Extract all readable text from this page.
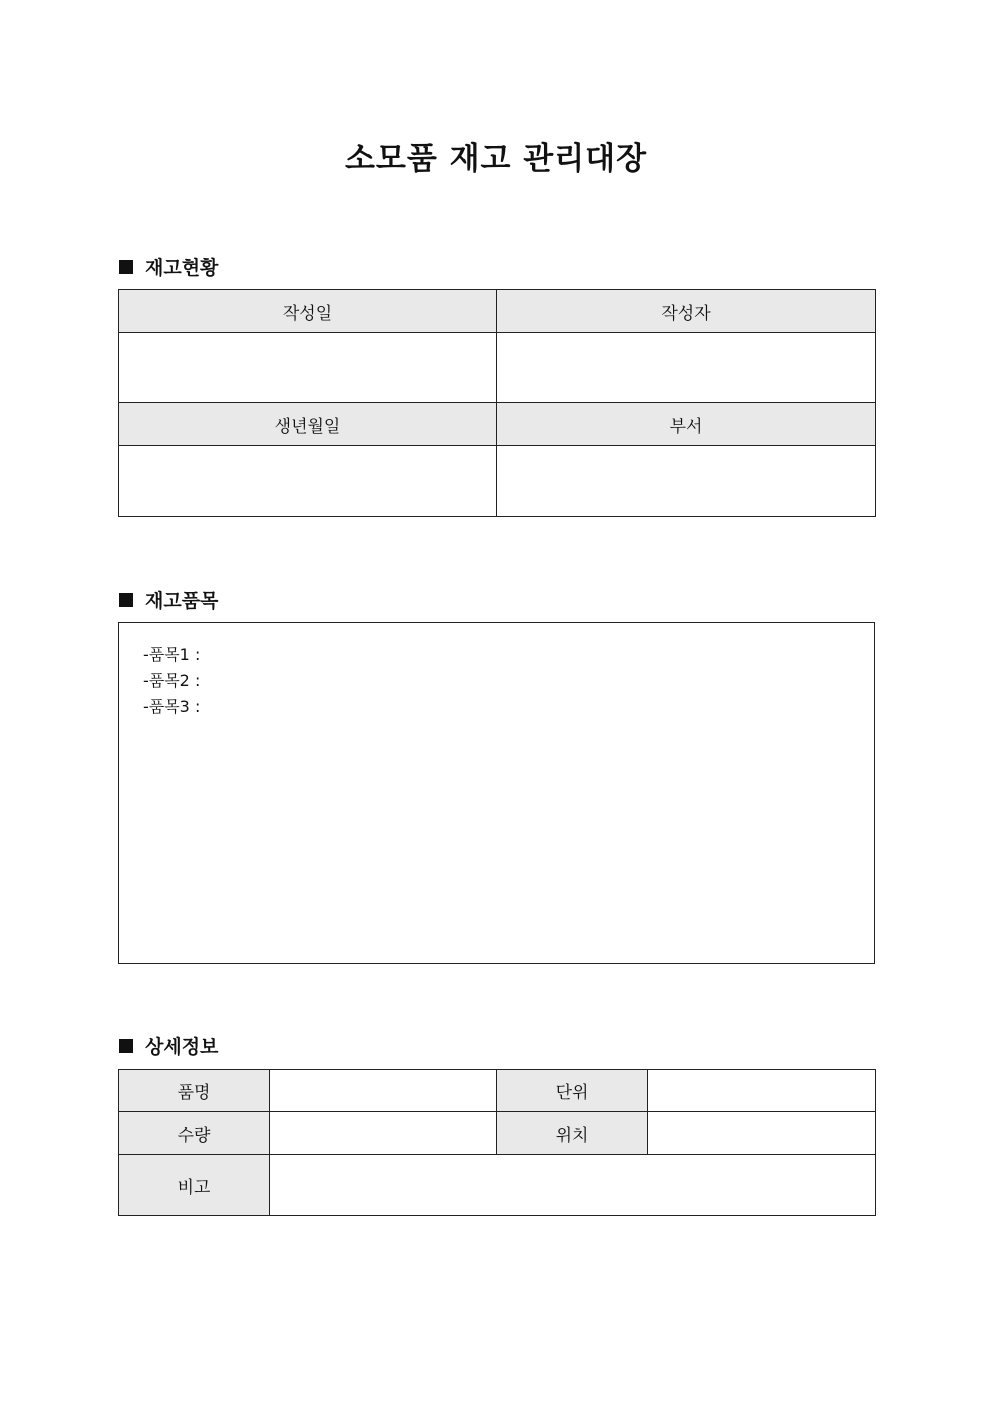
소모품 재고 관리대장
재고현황
작성일	작성자

생년월일	부서

재고품목
-품목1 :
-품목2 :
-품목3 :
상세정보
품명		단위	
수량		위치	
비고			
